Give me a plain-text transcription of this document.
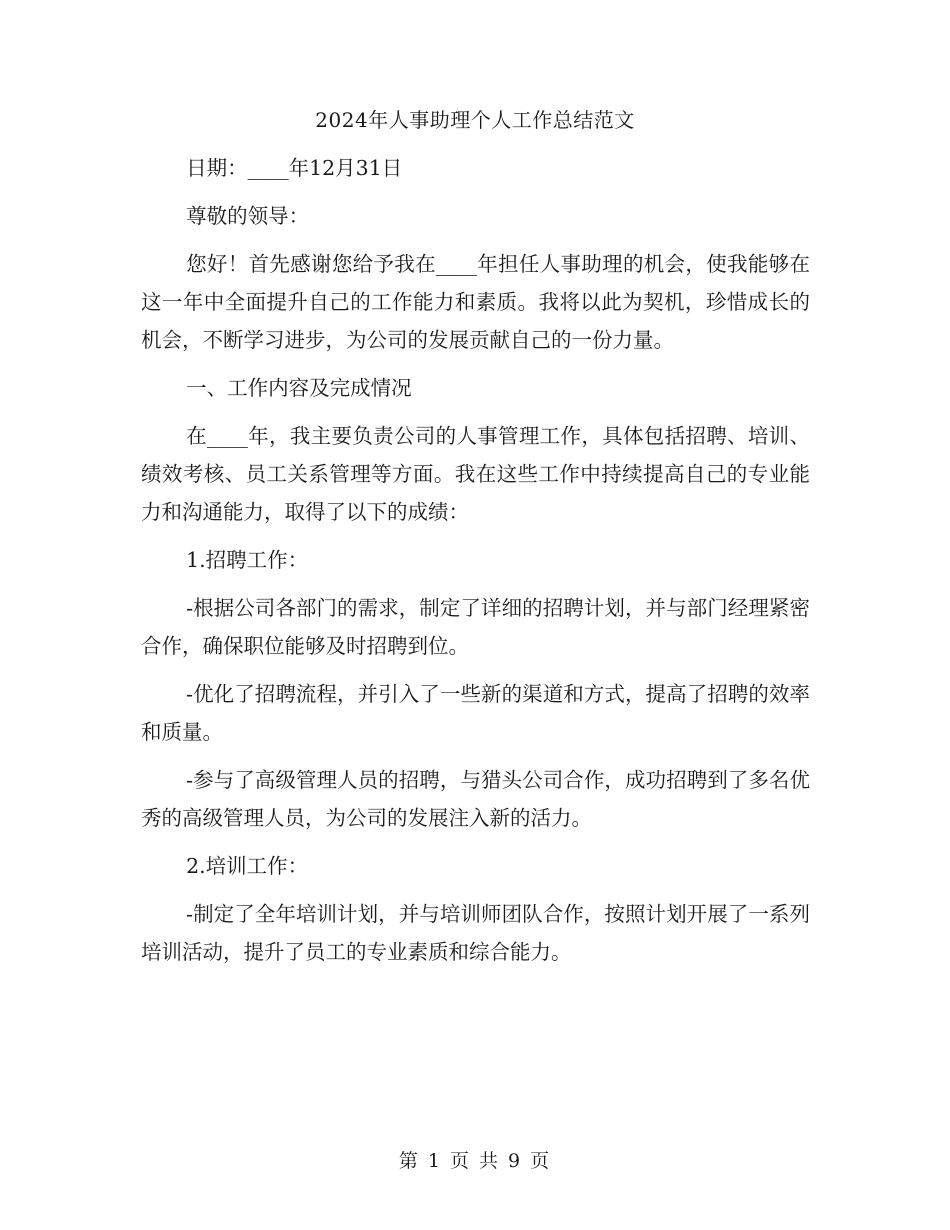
2024年人事助理个人工作总结范文

日期：____年12月31日

尊敬的领导：

您好！首先感谢您给予我在____年担任人事助理的机会，使我能够在这一年中全面提升自己的工作能力和素质。我将以此为契机，珍惜成长的机会，不断学习进步，为公司的发展贡献自己的一份力量。

一、工作内容及完成情况

在____年，我主要负责公司的人事管理工作，具体包括招聘、培训、绩效考核、员工关系管理等方面。我在这些工作中持续提高自己的专业能力和沟通能力，取得了以下的成绩：

1.招聘工作：

-根据公司各部门的需求，制定了详细的招聘计划，并与部门经理紧密合作，确保职位能够及时招聘到位。

-优化了招聘流程，并引入了一些新的渠道和方式，提高了招聘的效率和质量。

-参与了高级管理人员的招聘，与猎头公司合作，成功招聘到了多名优秀的高级管理人员，为公司的发展注入新的活力。

2.培训工作：

-制定了全年培训计划，并与培训师团队合作，按照计划开展了一系列培训活动，提升了员工的专业素质和综合能力。

第 1 页 共 9 页
